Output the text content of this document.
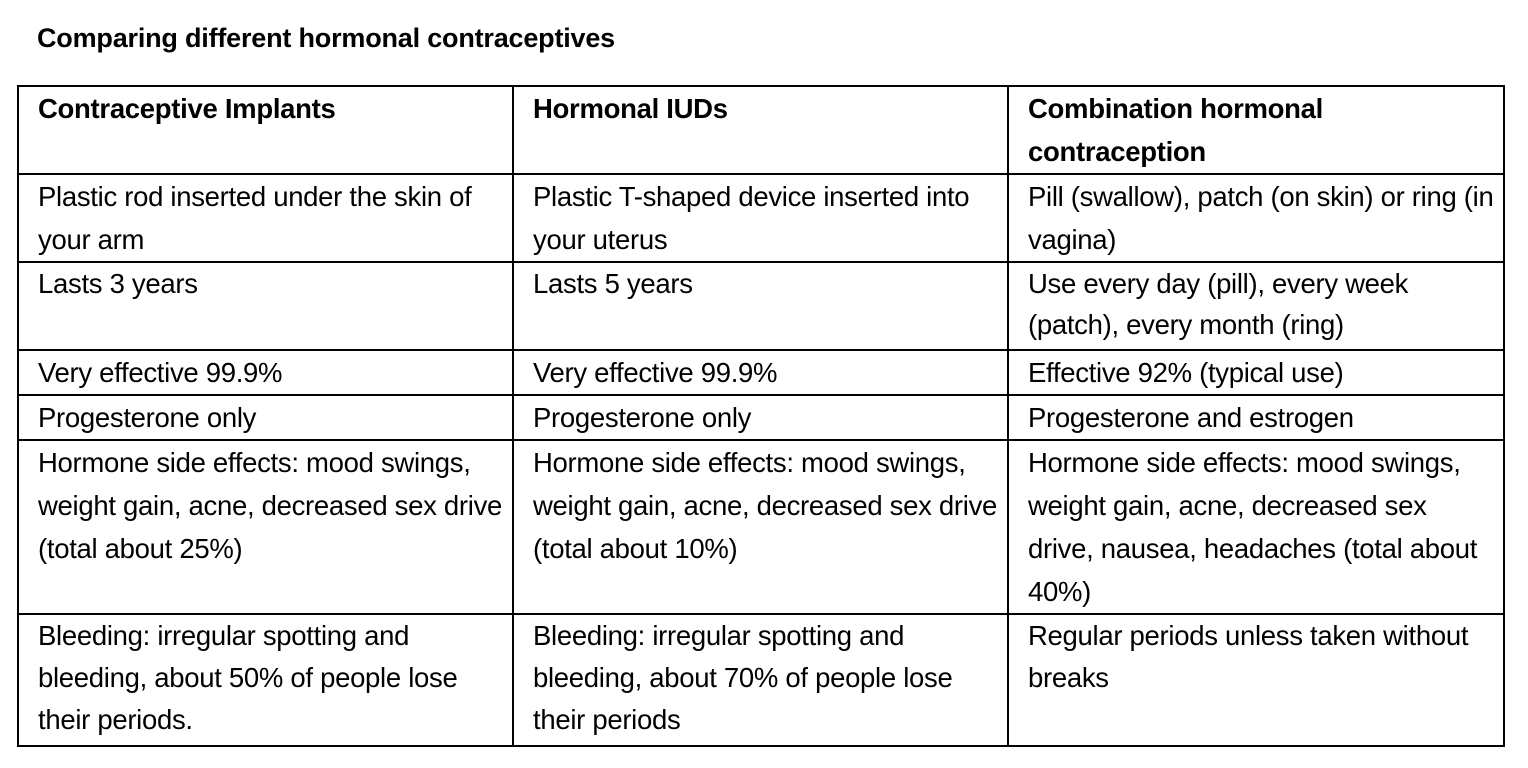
Comparing different hormonal contraceptives
Contraceptive Implants	Hormonal IUDs	Combination hormonal contraception
Plastic rod inserted under the skin of your arm	Plastic T-shaped device inserted into your uterus	Pill (swallow), patch (on skin) or ring (in vagina)
Lasts 3 years	Lasts 5 years	Use every day (pill), every week (patch), every month (ring)
Very effective 99.9%	Very effective 99.9%	Effective 92% (typical use)
Progesterone only	Progesterone only	Progesterone and estrogen
Hormone side effects: mood swings, weight gain, acne, decreased sex drive (total about 25%)	Hormone side effects: mood swings, weight gain, acne, decreased sex drive (total about 10%)	Hormone side effects: mood swings, weight gain, acne, decreased sex drive, nausea, headaches (total about 40%)
Bleeding: irregular spotting and bleeding, about 50% of people lose their periods.	Bleeding: irregular spotting and bleeding, about 70% of people lose their periods	Regular periods unless taken without breaks
